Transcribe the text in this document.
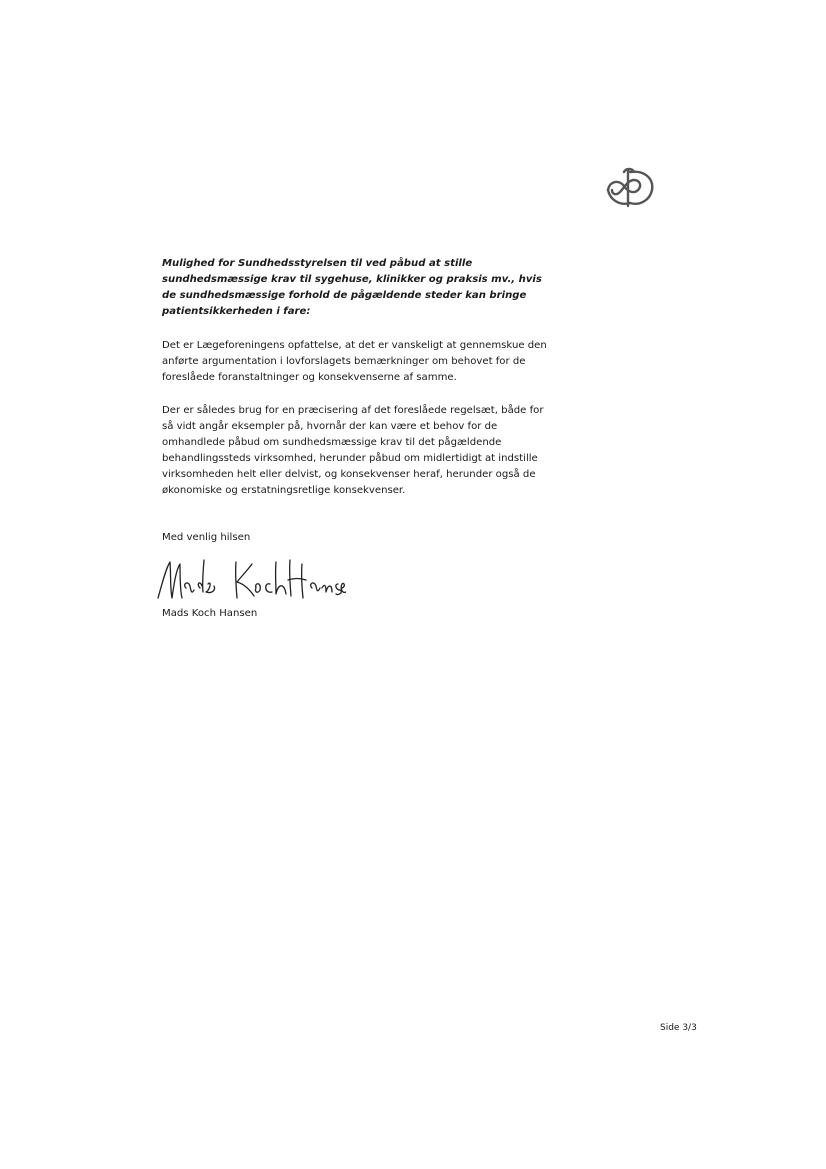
Mulighed for Sundhedsstyrelsen til ved påbud at stille
sundhedsmæssige krav til sygehuse, klinikker og praksis mv., hvis
de sundhedsmæssige forhold de pågældende steder kan bringe
patientsikkerheden i fare:
Det er Lægeforeningens opfattelse, at det er vanskeligt at gennemskue den
anførte argumentation i lovforslagets bemærkninger om behovet for de
foreslåede foranstaltninger og konsekvenserne af samme.
Der er således brug for en præcisering af det foreslåede regelsæt, både for
så vidt angår eksempler på, hvornår der kan være et behov for de
omhandlede påbud om sundhedsmæssige krav til det pågældende
behandlingssteds virksomhed, herunder påbud om midlertidigt at indstille
virksomheden helt eller delvist, og konsekvenser heraf, herunder også de
økonomiske og erstatningsretlige konsekvenser.
Med venlig hilsen
Mads Koch Hansen
Side 3/3
